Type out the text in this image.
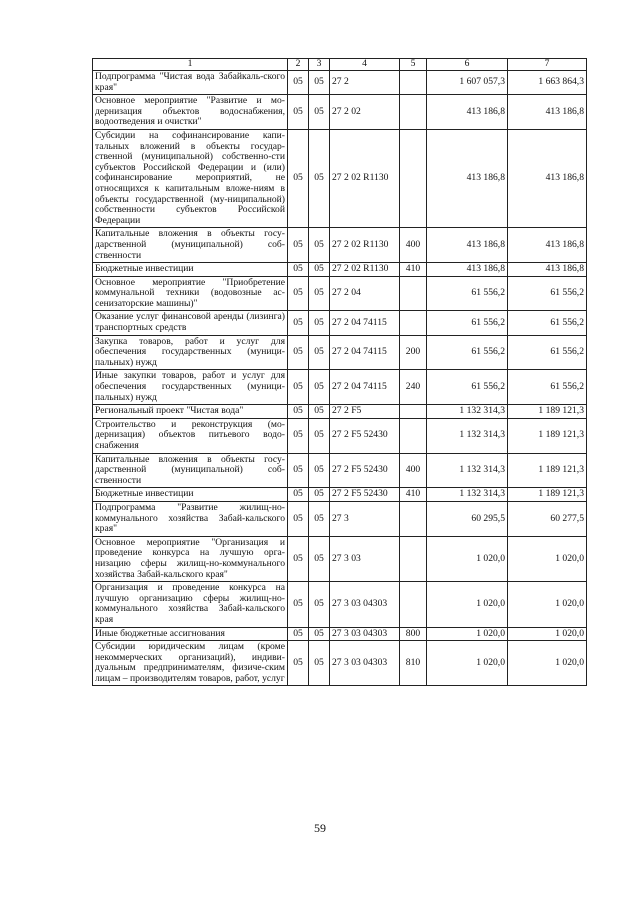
1	2	3	4	5	6	7
Подпрограмма "Чистая вода Забайкаль-ского края"	05	05	27 2		1 607 057,3	1 663 864,3
Основное мероприятие "Развитие и мо-дернизация объектов водоснабжения, водоотведения и очистки"	05	05	27 2 02		413 186,8	413 186,8
Субсидии на софинансирование капи-тальных вложений в объекты государ-ственной (муниципальной) собственно-сти субъектов Российской Федерации и (или) софинансирование мероприятий, не относящихся к капитальным вложе-ниям в объекты государственной (му-ниципальной) собственности субъектов Российской Федерации	05	05	27 2 02 R1130		413 186,8	413 186,8
Капитальные вложения в объекты госу-дарственной (муниципальной) соб-ственности	05	05	27 2 02 R1130	400	413 186,8	413 186,8
Бюджетные инвестиции	05	05	27 2 02 R1130	410	413 186,8	413 186,8
Основное мероприятие "Приобретение коммунальной техники (водовозные ас-сенизаторские машины)"	05	05	27 2 04		61 556,2	61 556,2
Оказание услуг финансовой аренды (лизинга) транспортных средств	05	05	27 2 04 74115		61 556,2	61 556,2
Закупка товаров, работ и услуг для обеспечения государственных (муници-пальных) нужд	05	05	27 2 04 74115	200	61 556,2	61 556,2
Иные закупки товаров, работ и услуг для обеспечения государственных (муници-пальных) нужд	05	05	27 2 04 74115	240	61 556,2	61 556,2
Региональный проект "Чистая вода"	05	05	27 2 F5		1 132 314,3	1 189 121,3
Строительство и реконструкция (мо-дернизация) объектов питьевого водо-снабжения	05	05	27 2 F5 52430		1 132 314,3	1 189 121,3
Капитальные вложения в объекты госу-дарственной (муниципальной) соб-ственности	05	05	27 2 F5 52430	400	1 132 314,3	1 189 121,3
Бюджетные инвестиции	05	05	27 2 F5 52430	410	1 132 314,3	1 189 121,3
Подпрограмма "Развитие жилищ-но-коммунального хозяйства Забай-кальского края"	05	05	27 3		60 295,5	60 277,5
Основное мероприятие "Организация и проведение конкурса на лучшую орга-низацию сферы жилищ-но-коммунального хозяйства Забай-кальского края"	05	05	27 3 03		1 020,0	1 020,0
Организация и проведение конкурса на лучшую организацию сферы жилищ-но-коммунального хозяйства Забай-кальского края	05	05	27 3 03 04303		1 020,0	1 020,0
Иные бюджетные ассигнования	05	05	27 3 03 04303	800	1 020,0	1 020,0
Субсидии юридическим лицам (кроме некоммерческих организаций), индиви-дуальным предпринимателям, физиче-ским лицам – производителям товаров, работ, услуг	05	05	27 3 03 04303	810	1 020,0	1 020,0
59
